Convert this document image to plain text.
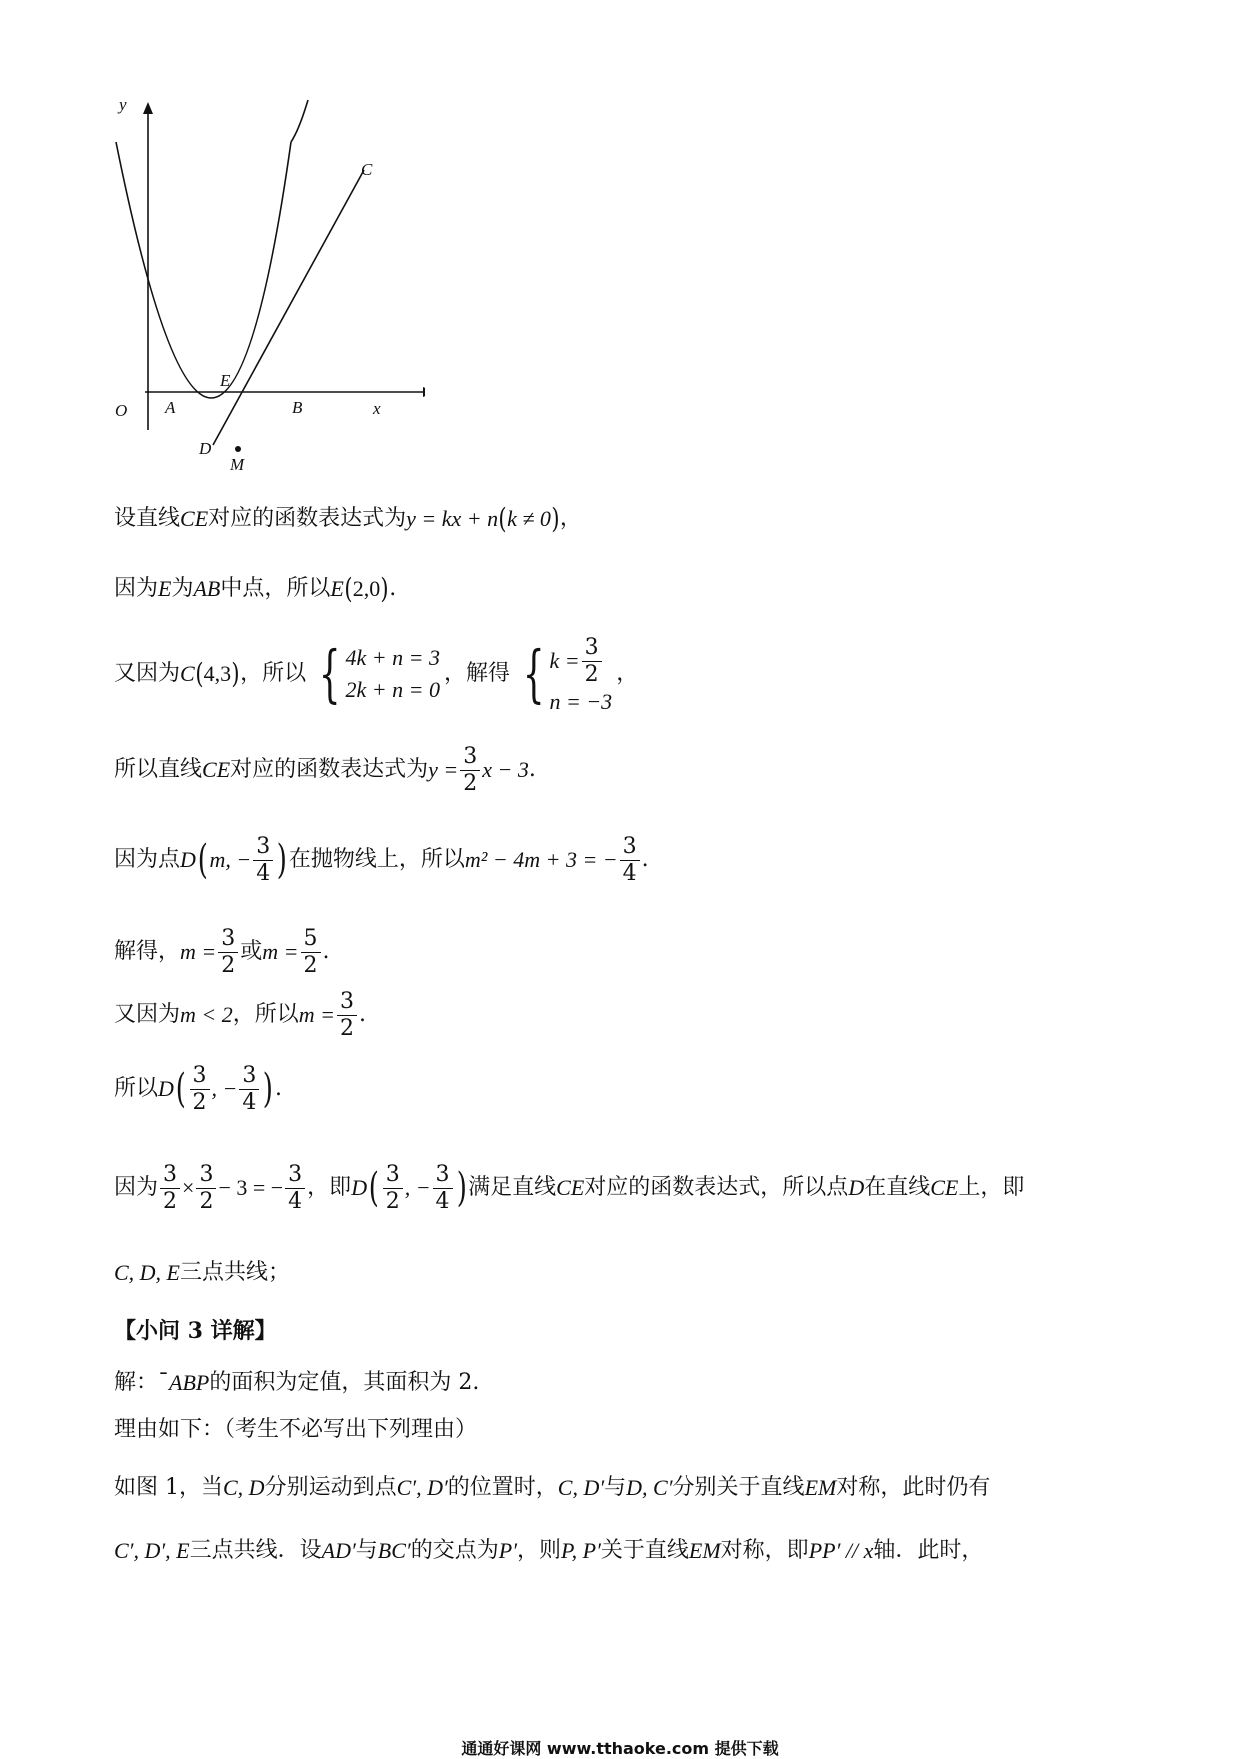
y
x
O A
E
B
C
D
M
设直线 CE 对应的函数表达式为 y = kx + n ( k ≠ 0 ) ，
因为 E 为 AB 中点，所以 E ( 2,0 ) .
又因为 C ( 4,3 ) ，所以 { 4k + n = 3
2k + n = 0
，解得 { $k = \frac{3}{2}$
n = −3
，
所以直线 CE 对应的函数表达式为 $y = \frac{3}{2}$ x − 3 .
因为点 D ( m, − $\frac{3}{4}$ ) 在抛物线上，所以 m² − 4m + 3 = − $\frac{3}{4}$ .
解得， $m = \frac{3}{2}$ 或 $m = \frac{5}{2}$ .
又因为 m < 2 ，所以 $m = \frac{3}{2}$ .
所以 D ( $\frac{3}{2}$ , − $\frac{3}{4}$ ) .
因为 $\frac{3}{2} \times \frac{3}{2} - 3$ = − $\frac{3}{4}$ ，即 D ( $\frac{3}{2}$ , − $\frac{3}{4}$ ) 满足直线 CE 对应的函数表达式，所以点 D 在直线 CE 上，即
C, D, E 三点共线；
【小问 3 详解】
解： ¯ ABP 的面积为定值，其面积为 2.
理由如下：（考生不必写出下列理由）
如图 1，当 C, D 分别运动到点 C′, D′ 的位置时， C, D′ 与 D, C′ 分别关于直线 EM 对称，此时仍有
C′, D′, E 三点共线．设 AD′ 与 BC′ 的交点为 P′ ，则 P, P′ 关于直线 EM 对称，即 PP′ // x 轴．此时，
通通好课网 www.tthaoke.com 提供下载
